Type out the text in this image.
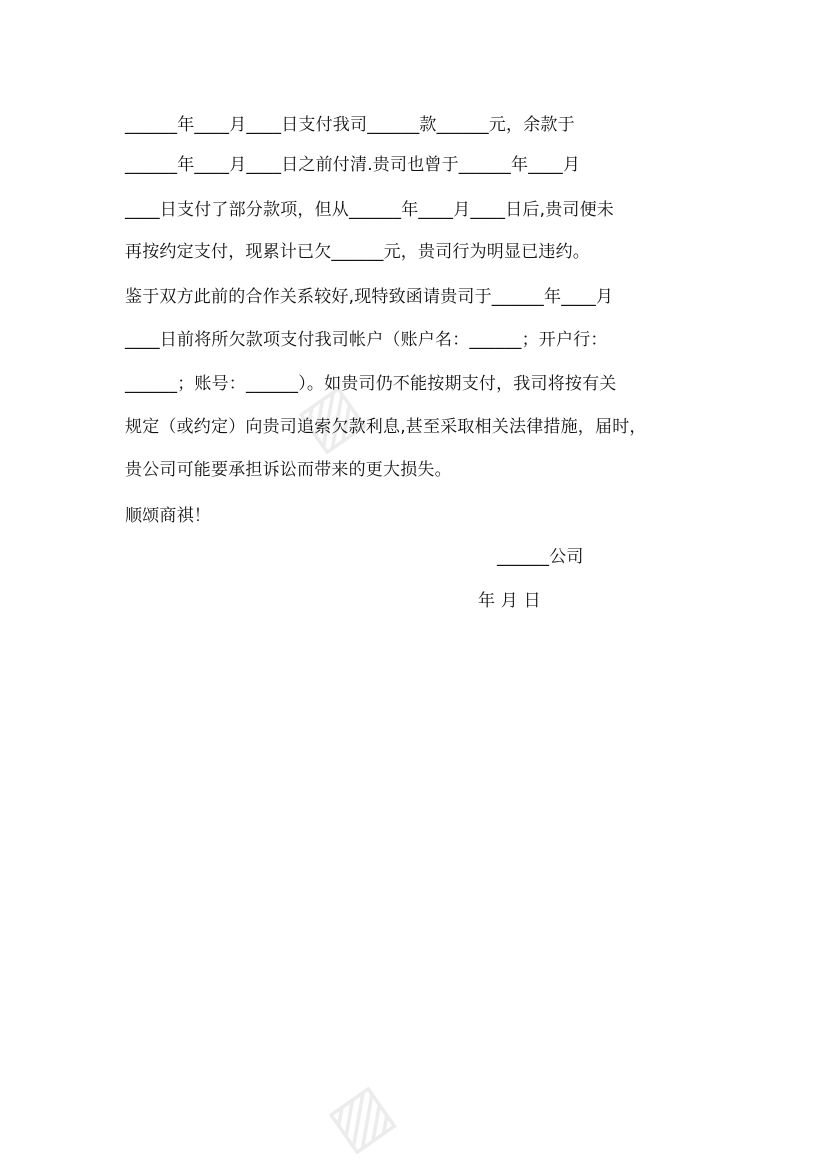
▨
▨
______年____月____日支付我司______款______元，余款于
______年____月____日之前付清.贵司也曾于______年____月
____日支付了部分款项，但从______年____月____日后,贵司便未
再按约定支付，现累计已欠______元，贵司行为明显已违约。
鉴于双方此前的合作关系较好,现特致函请贵司于______年____月
____日前将所欠款项支付我司帐户（账户名：______；开户行：
______；账号：______）。如贵司仍不能按期支付，我司将按有关
规定（或约定）向贵司追索欠款利息,甚至采取相关法律措施，届时，
贵公司可能要承担诉讼而带来的更大损失。
顺颂商祺！
______公司
年 月 日
